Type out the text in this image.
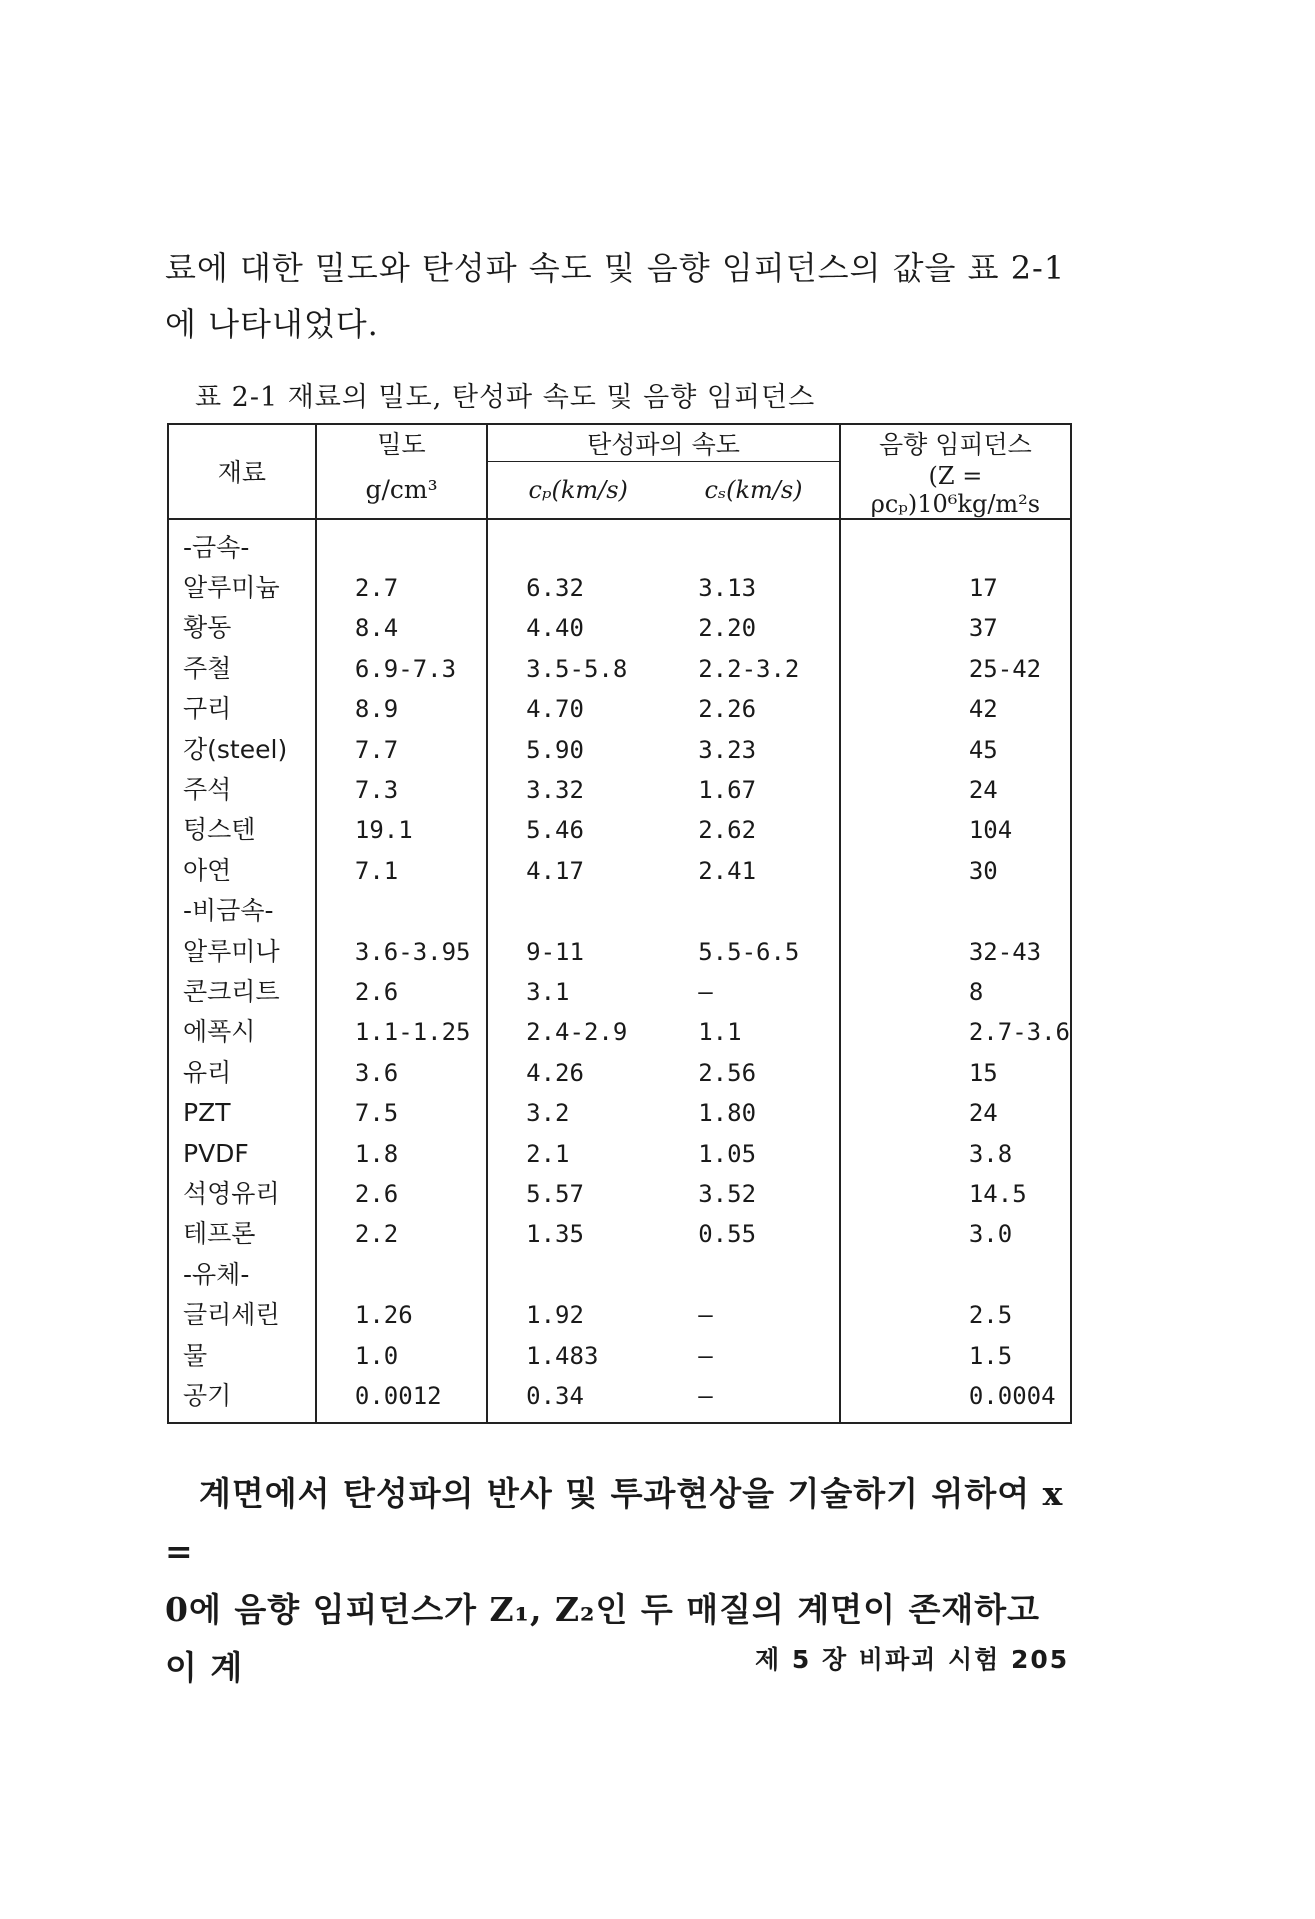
료에 대한 밀도와 탄성파 속도 및 음향 임피던스의 값을 표 2-1

에 나타내었다.

표 2-1 재료의 밀도, 탄성파 속도 및 음향 임피던스
재료	밀도	탄성파의 속도		음향 임피던스
	g/cm³	cₚ(km/s)	cₛ(km/s)	(Z = ρcₚ)10⁶kg/m²s
-금속-				
알루미늄	2.7	6.32	3.13	17
황동	8.4	4.40	2.20	37
주철	6.9-7.3	3.5-5.8	2.2-3.2	25-42
구리	8.9	4.70	2.26	42
강(steel)	7.7	5.90	3.23	45
주석	7.3	3.32	1.67	24
텅스텐	19.1	5.46	2.62	104
아연	7.1	4.17	2.41	30
-비금속-				
알루미나	3.6-3.95	9-11	5.5-6.5	32-43
콘크리트	2.6	3.1	—	8
에폭시	1.1-1.25	2.4-2.9	1.1	2.7-3.6
유리	3.6	4.26	2.56	15
PZT	7.5	3.2	1.80	24
PVDF	1.8	2.1	1.05	3.8
석영유리	2.6	5.57	3.52	14.5
테프론	2.2	1.35	0.55	3.0
-유체-				
글리세린	1.26	1.92	—	2.5
물	1.0	1.483	—	1.5
공기	0.0012	0.34	—	0.0004

계면에서 탄성파의 반사 및 투과현상을 기술하기 위하여 x =

0에 음향 임피던스가 Z₁, Z₂인 두 매질의 계면이 존재하고 이 계	제 5 장 비파괴 시험 205
